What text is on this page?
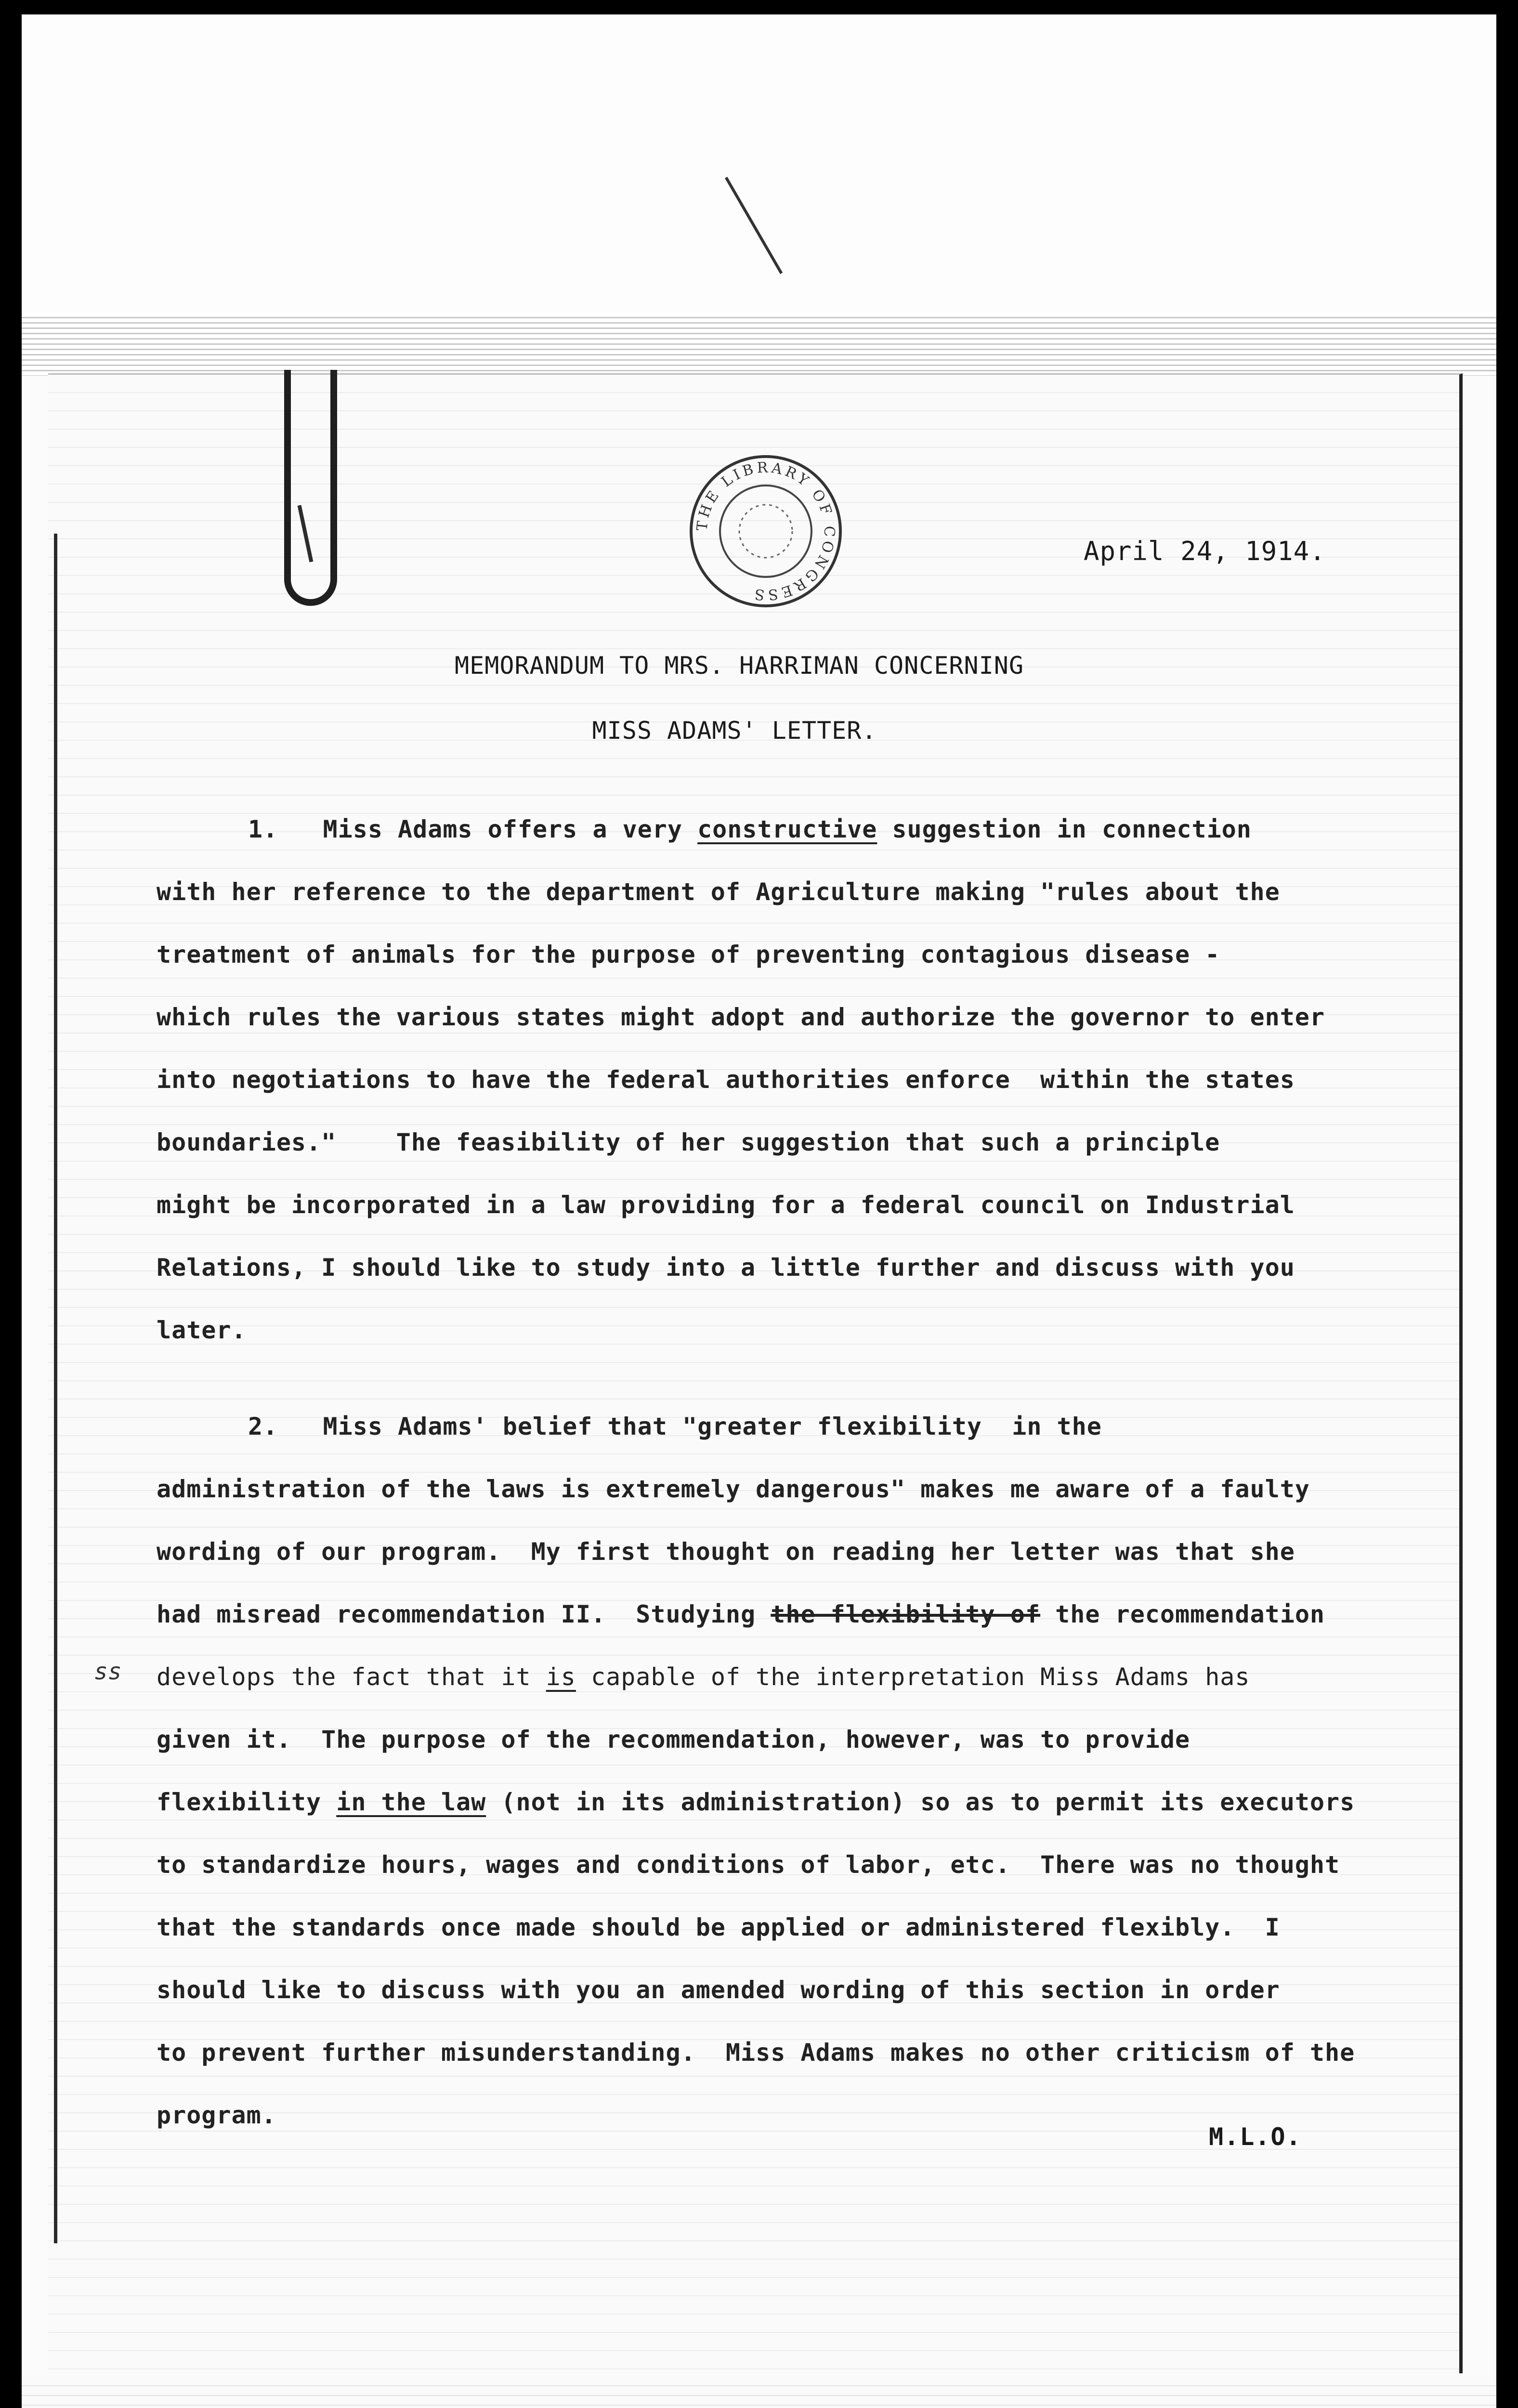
THE LIBRARY OF CONGRESS
April 24, 1914.
MEMORANDUM TO MRS. HARRIMAN CONCERNING
MISS ADAMS' LETTER.
1.   Miss Adams offers a very constructive suggestion in connection
with her reference to the department of Agriculture making "rules about the
treatment of animals for the purpose of preventing contagious disease -
which rules the various states might adopt and authorize the governor to enter
into negotiations to have the federal authorities enforce  within the states
boundaries."    The feasibility of her suggestion that such a principle
might be incorporated in a law providing for a federal council on Industrial
Relations, I should like to study into a little further and discuss with you
later.
2.   Miss Adams' belief that "greater flexibility  in the
administration of the laws is extremely dangerous" makes me aware of a faulty
wording of our program.  My first thought on reading her letter was that she
had misread recommendation II.  Studying the flexibility of the recommendation
ss develops the fact that it is capable of the interpretation Miss Adams has
given it.  The purpose of the recommendation, however, was to provide
flexibility in the law (not in its administration) so as to permit its executors
to standardize hours, wages and conditions of labor, etc.  There was no thought
that the standards once made should be applied or administered flexibly.  I
should like to discuss with you an amended wording of this section in order
to prevent further misunderstanding.  Miss Adams makes no other criticism of the
program.
M.L.O.
